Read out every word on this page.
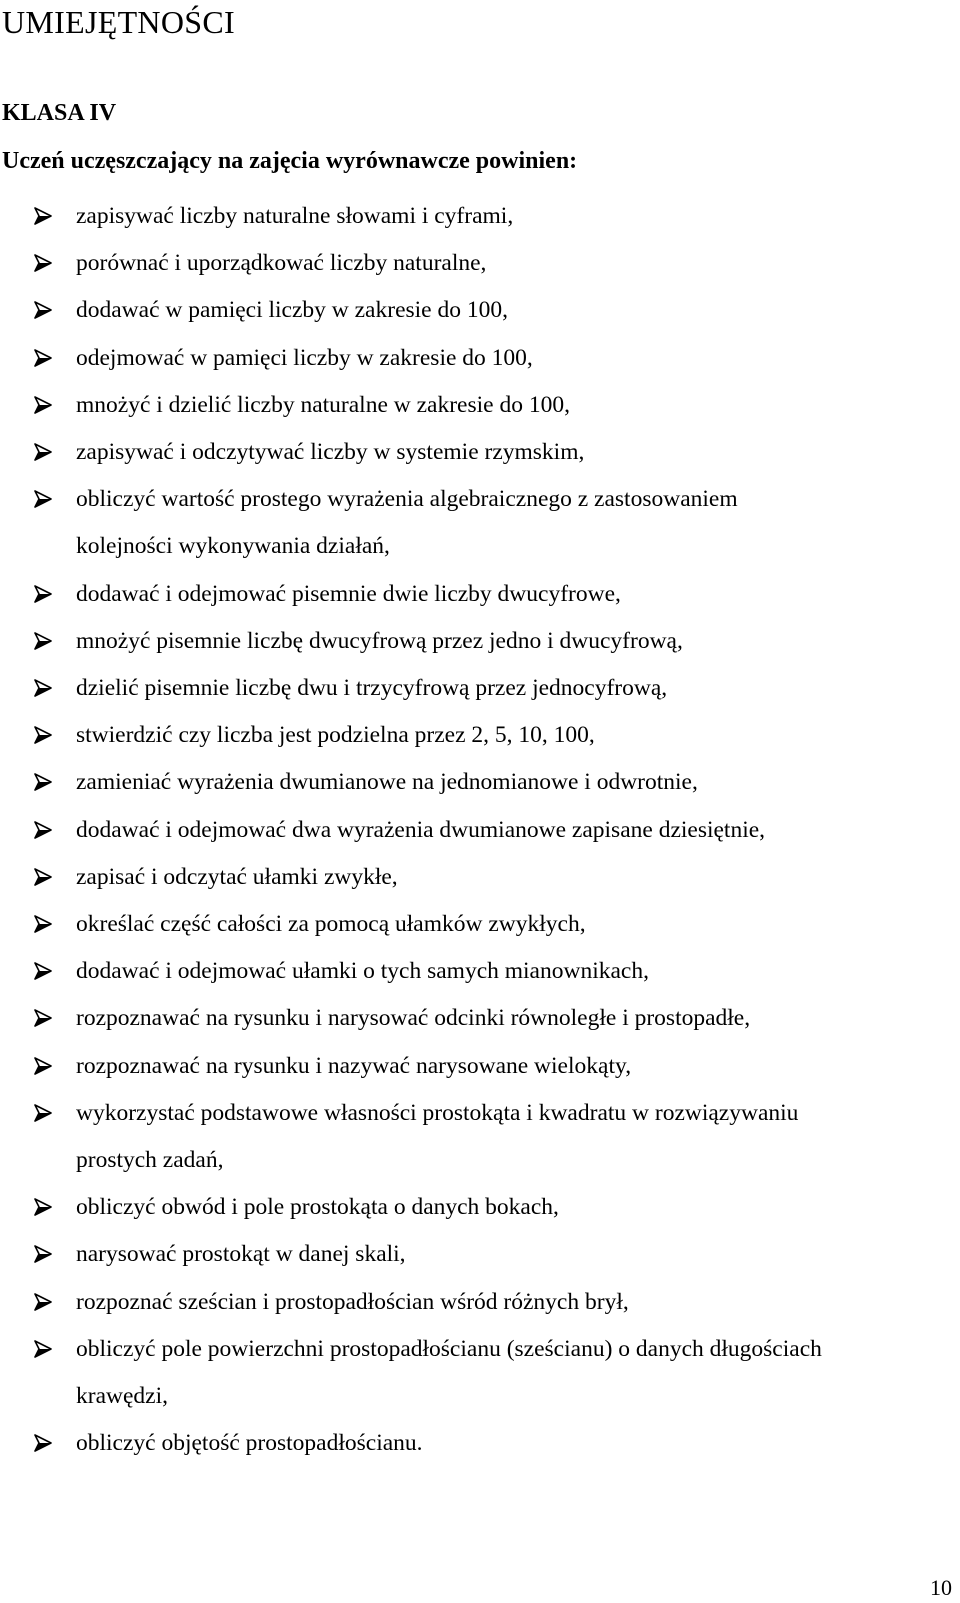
UMIEJĘTNOŚCI
KLASA IV

Uczeń uczęszczający na zajęcia wyrównawcze powinien:

zapisywać liczby naturalne słowami i cyframi,
porównać i uporządkować liczby naturalne,
dodawać w pamięci liczby w zakresie do 100,
odejmować w pamięci liczby w zakresie do 100,
mnożyć i dzielić liczby naturalne w zakresie do 100,
zapisywać i odczytywać liczby w systemie rzymskim,
obliczyć wartość prostego wyrażenia algebraicznego z zastosowaniem
kolejności wykonywania działań,
dodawać i odejmować pisemnie dwie liczby dwucyfrowe,
mnożyć pisemnie liczbę dwucyfrową przez jedno i dwucyfrową,
dzielić pisemnie liczbę dwu i trzycyfrową przez jednocyfrową,
stwierdzić czy liczba jest podzielna przez 2, 5, 10, 100,
zamieniać wyrażenia dwumianowe na jednomianowe i odwrotnie,
dodawać i odejmować dwa wyrażenia dwumianowe zapisane dziesiętnie,
zapisać i odczytać ułamki zwykłe,
określać część całości za pomocą ułamków zwykłych,
dodawać i odejmować ułamki o tych samych mianownikach,
rozpoznawać na rysunku i narysować odcinki równoległe i prostopadłe,
rozpoznawać na rysunku i nazywać narysowane wielokąty,
wykorzystać podstawowe własności prostokąta i kwadratu w rozwiązywaniu
prostych zadań,
obliczyć obwód i pole prostokąta o danych bokach,
narysować prostokąt w danej skali,
rozpoznać sześcian i prostopadłościan wśród różnych brył,
obliczyć pole powierzchni prostopadłościanu (sześcianu) o danych długościach
krawędzi,
obliczyć objętość prostopadłościanu.
10
